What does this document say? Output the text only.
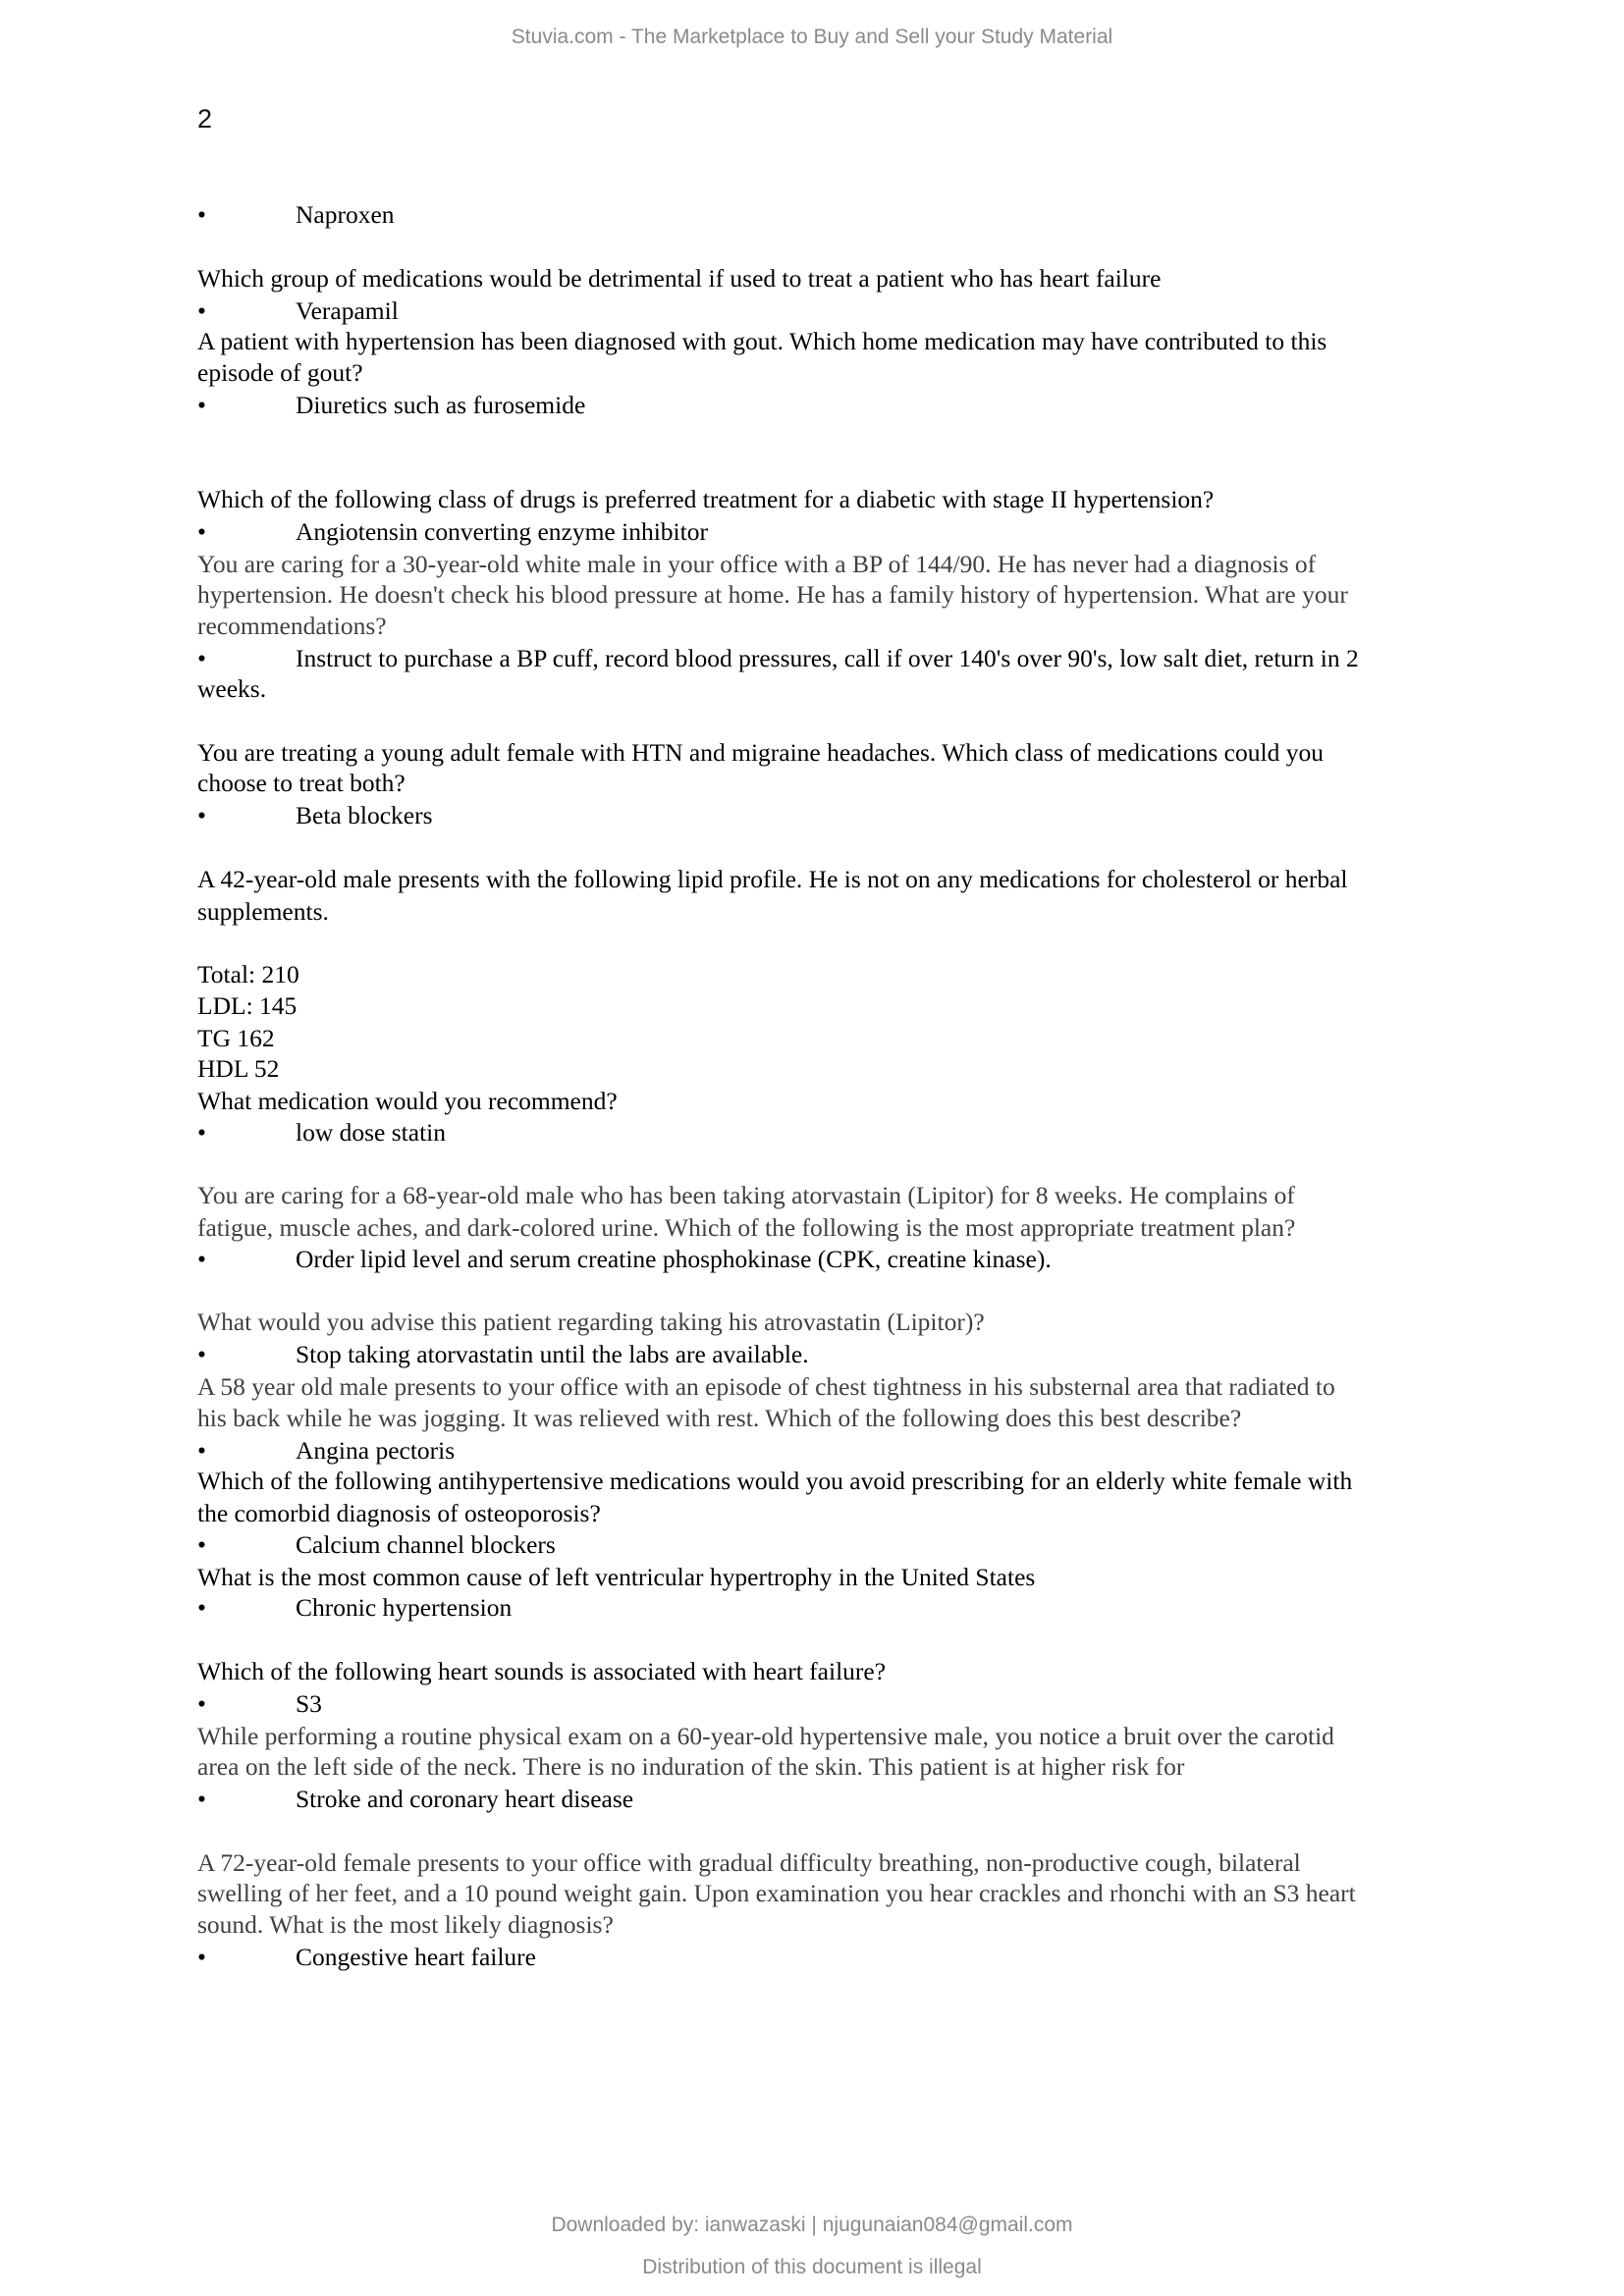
Stuvia.com - The Marketplace to Buy and Sell your Study Material
2
•	Naproxen
Which group of medications would be detrimental if used to treat a patient who has heart failure
•	Verapamil
A patient with hypertension has been diagnosed with gout. Which home medication may have contributed to this
episode of gout?
•	Diuretics such as furosemide
Which of the following class of drugs is preferred treatment for a diabetic with stage II hypertension?
•	Angiotensin converting enzyme inhibitor
You are caring for a 30-year-old white male in your office with a BP of 144/90. He has never had a diagnosis of
hypertension. He doesn't check his blood pressure at home. He has a family history of hypertension. What are your
recommendations?
•	Instruct to purchase a BP cuff, record blood pressures, call if over 140's over 90's, low salt diet, return in 2
weeks.
You are treating a young adult female with HTN and migraine headaches. Which class of medications could you
choose to treat both?
•	Beta blockers
A 42-year-old male presents with the following lipid profile. He is not on any medications for cholesterol or herbal
supplements.
Total: 210
LDL: 145
TG 162
HDL 52
What medication would you recommend?
•	low dose statin
You are caring for a 68-year-old male who has been taking atorvastain (Lipitor) for 8 weeks. He complains of
fatigue, muscle aches, and dark-colored urine. Which of the following is the most appropriate treatment plan?
•	Order lipid level and serum creatine phosphokinase (CPK, creatine kinase).
What would you advise this patient regarding taking his atrovastatin (Lipitor)?
•	Stop taking atorvastatin until the labs are available.
A 58 year old male presents to your office with an episode of chest tightness in his substernal area that radiated to
his back while he was jogging. It was relieved with rest. Which of the following does this best describe?
•	Angina pectoris
Which of the following antihypertensive medications would you avoid prescribing for an elderly white female with
the comorbid diagnosis of osteoporosis?
•	Calcium channel blockers
What is the most common cause of left ventricular hypertrophy in the United States
•	Chronic hypertension
Which of the following heart sounds is associated with heart failure?
•	S3
While performing a routine physical exam on a 60-year-old hypertensive male, you notice a bruit over the carotid
area on the left side of the neck. There is no induration of the skin. This patient is at higher risk for
•	Stroke and coronary heart disease
A 72-year-old female presents to your office with gradual difficulty breathing, non-productive cough, bilateral
swelling of her feet, and a 10 pound weight gain. Upon examination you hear crackles and rhonchi with an S3 heart
sound. What is the most likely diagnosis?
•	Congestive heart failure
Downloaded by: ianwazaski | njugunaian084@gmail.com
Distribution of this document is illegal
